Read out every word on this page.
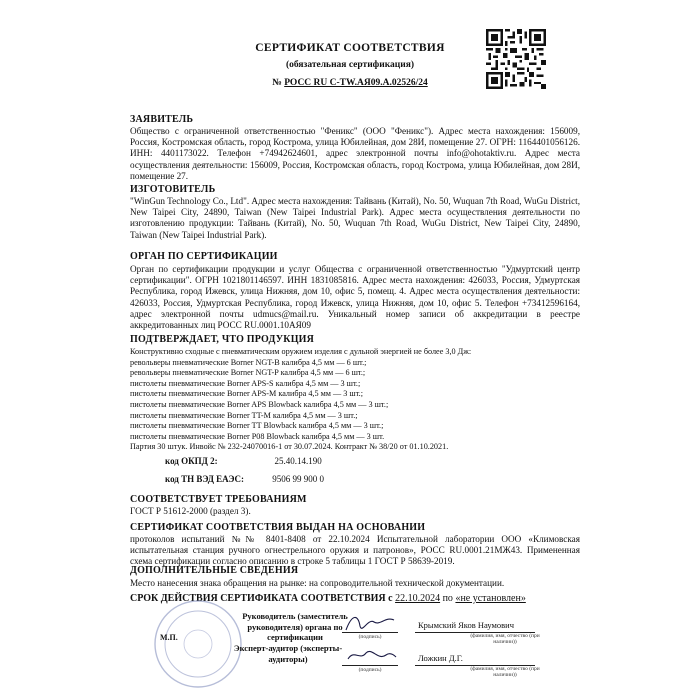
СЕРТИФИКАТ СООТВЕТСТВИЯ
(обязательная сертификация)
№ РОСС RU C-TW.АЯ09.А.02526/24
ЗАЯВИТЕЛЬ

Общество с ограниченной ответственностью "Феникс" (ООО "Феникс"). Адрес места нахождения: 156009, Россия, Костромская область, город Кострома, улица Юбилейная, дом 28И, помещение 27. ОГРН: 1164401056126. ИНН: 4401173022. Телефон +74942624601, адрес электронной почты info@ohotaktiv.ru. Адрес места осуществления деятельности: 156009, Россия, Костромская область, город Кострома, улица Юбилейная, дом 28И, помещение 27.

ИЗГОТОВИТЕЛЬ

"WinGun Technology Co., Ltd". Адрес места нахождения: Тайвань (Китай), No. 50, Wuquan 7th Road, WuGu District, New Taipei City, 24890, Taiwan (New Taipei Industrial Park). Адрес места осуществления деятельности по изготовлению продукции: Тайвань (Китай), No. 50, Wuquan 7th Road, WuGu District, New Taipei City, 24890, Taiwan (New Taipei Industrial Park).

ОРГАН ПО СЕРТИФИКАЦИИ

Орган по сертификации продукции и услуг Общества с ограниченной ответственностью "Удмуртский центр сертификации". ОГРН 1021801146597. ИНН 1831085816. Адрес места нахождения: 426033, Россия, Удмуртская Республика, город Ижевск, улица Нижняя, дом 10, офис 5, помещ. 4. Адрес места осуществления деятельности: 426033, Россия, Удмуртская Республика, город Ижевск, улица Нижняя, дом 10, офис 5. Телефон +73412596164, адрес электронной почты udmucs@mail.ru. Уникальный номер записи об аккредитации в реестре аккредитованных лиц РОСС RU.0001.10АЯ09

ПОДТВЕРЖДАЕТ, ЧТО ПРОДУКЦИЯ
Конструктивно сходные с пневматическим оружием изделия с дульной энергией не более 3,0 Дж:
револьверы пневматические Borner NGT-B калибра 4,5 мм — 6 шт.;
револьверы пневматические Borner NGT-P калибра 4,5 мм — 6 шт.;
пистолеты пневматические Borner APS-S калибра 4,5 мм — 3 шт.;
пистолеты пневматические Borner APS-M калибра 4,5 мм — 3 шт.;
пистолеты пневматические Borner APS Blowback калибра 4,5 мм — 3 шт.;
пистолеты пневматические Borner TT-M калибра 4,5 мм — 3 шт.;
пистолеты пневматические Borner TT Blowback калибра 4,5 мм — 3 шт.;
пистолеты пневматические Borner P08 Blowback калибра 4,5 мм — 3 шт.
Партия 30 штук. Инвойс № 232-24070016-1 от 30.07.2024. Контракт № 38/20 от 01.10.2021.
код ОКПД 2:	25.40.14.190
код ТН ВЭД ЕАЭС:	9506 99 900 0
СООТВЕТСТВУЕТ ТРЕБОВАНИЯМ

ГОСТ Р 51612-2000 (раздел 3).

СЕРТИФИКАТ СООТВЕТСТВИЯ ВЫДАН НА ОСНОВАНИИ

протоколов испытаний №№ 8401-8408 от 22.10.2024 Испытательной лаборатории ООО «Климовская испытательная станция ручного огнестрельного оружия и патронов», РОСС RU.0001.21МЖ43. Примененная схема сертификации согласно описанию в строке 5 таблицы 1 ГОСТ Р 58639-2019.

ДОПОЛНИТЕЛЬНЫЕ СВЕДЕНИЯ

Место нанесения знака обращения на рынке: на сопроводительной технической документации.

СРОК ДЕЙСТВИЯ СЕРТИФИКАТА СООТВЕТСТВИЯ с 22.10.2024 по «не установлен»
Руководитель (заместитель руководителя) органа по сертификации
М.П.	(подпись)
Крымский Яков Наумович
(фамилия, имя, отчество (при наличии))
Эксперт-аудитор (эксперты-аудиторы)
(подпись)
Ложкин Д.Г.
(фамилия, имя, отчество (при наличии))
